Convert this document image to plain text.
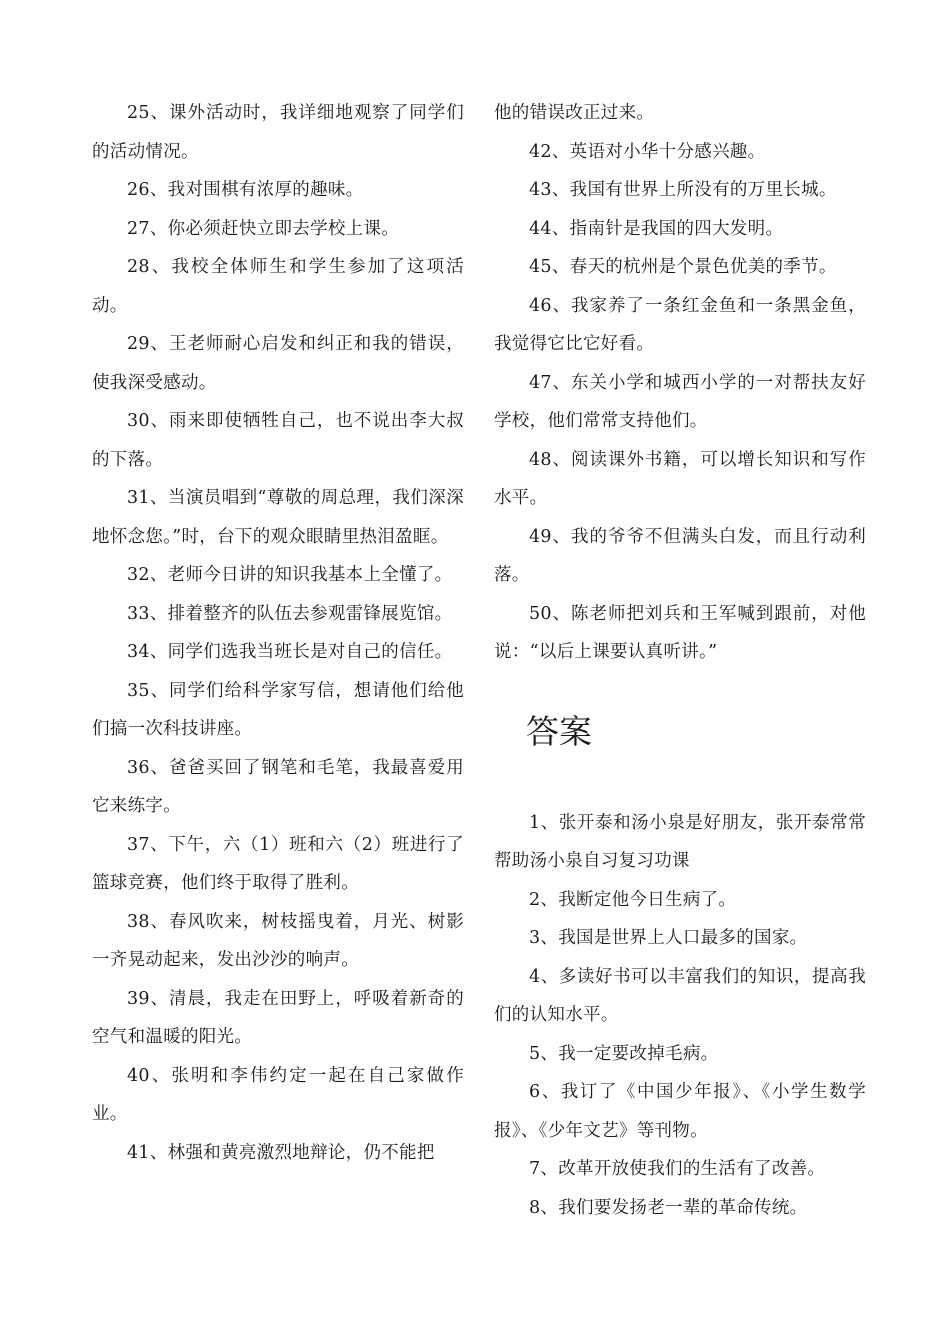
25、课外活动时，我详细地观察了同学们的活动情况。

26、我对围棋有浓厚的趣味。

27、你必须赶快立即去学校上课。

28、我校全体师生和学生参加了这项活动。

29、王老师耐心启发和纠正和我的错误，使我深受感动。

30、雨来即使牺牲自己，也不说出李大叔的下落。

31、当演员唱到“尊敬的周总理，我们深深地怀念您。”时，台下的观众眼睛里热泪盈眶。

32、老师今日讲的知识我基本上全懂了。

33、排着整齐的队伍去参观雷锋展览馆。

34、同学们选我当班长是对自己的信任。

35、同学们给科学家写信，想请他们给他们搞一次科技讲座。

36、爸爸买回了钢笔和毛笔，我最喜爱用它来练字。

37、下午，六（1）班和六（2）班进行了篮球竞赛，他们终于取得了胜利。

38、春风吹来，树枝摇曳着，月光、树影一齐晃动起来，发出沙沙的响声。

39、清晨，我走在田野上，呼吸着新奇的空气和温暖的阳光。

40、张明和李伟约定一起在自己家做作业。

41、林强和黄亮激烈地辩论，仍不能把

他的错误改正过来。

42、英语对小华十分感兴趣。

43、我国有世界上所没有的万里长城。

44、指南针是我国的四大发明。

45、春天的杭州是个景色优美的季节。

46、我家养了一条红金鱼和一条黑金鱼，我觉得它比它好看。

47、东关小学和城西小学的一对帮扶友好学校，他们常常支持他们。

48、阅读课外书籍，可以增长知识和写作水平。

49、我的爷爷不但满头白发，而且行动利落。

50、陈老师把刘兵和王军喊到跟前，对他说：“以后上课要认真听讲。”

答案

1、张开泰和汤小泉是好朋友，张开泰常常帮助汤小泉自习复习功课

2、我断定他今日生病了。

3、我国是世界上人口最多的国家。

4、多读好书可以丰富我们的知识，提高我们的认知水平。

5、我一定要改掉毛病。

6、我订了《中国少年报》、《小学生数学报》、《少年文艺》等刊物。

7、改革开放使我们的生活有了改善。

8、我们要发扬老一辈的革命传统。
